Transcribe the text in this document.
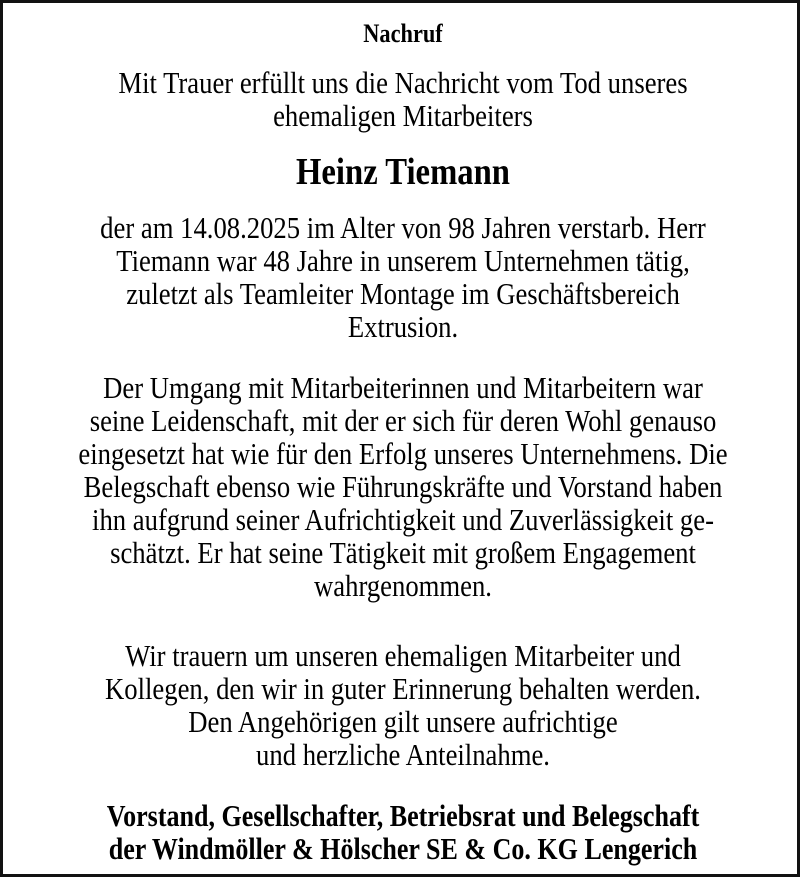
Nachruf
Mit Trauer erfüllt uns die Nachricht vom Tod unseres
ehemaligen Mitarbeiters
Heinz Tiemann
der am 14.08.2025 im Alter von 98 Jahren verstarb. Herr
Tiemann war 48 Jahre in unserem Unternehmen tätig,
zuletzt als Teamleiter Montage im Geschäftsbereich
Extrusion.
Der Umgang mit Mitarbeiterinnen und Mitarbeitern war
seine Leidenschaft, mit der er sich für deren Wohl genauso
eingesetzt hat wie für den Erfolg unseres Unternehmens. Die
Belegschaft ebenso wie Führungskräfte und Vorstand haben
ihn aufgrund seiner Aufrichtigkeit und Zuverlässigkeit ge-
schätzt. Er hat seine Tätigkeit mit großem Engagement
wahrgenommen.
Wir trauern um unseren ehemaligen Mitarbeiter und
Kollegen, den wir in guter Erinnerung behalten werden.
Den Angehörigen gilt unsere aufrichtige
und herzliche Anteilnahme.
Vorstand, Gesellschafter, Betriebsrat und Belegschaft
der Windmöller & Hölscher SE & Co. KG Lengerich
